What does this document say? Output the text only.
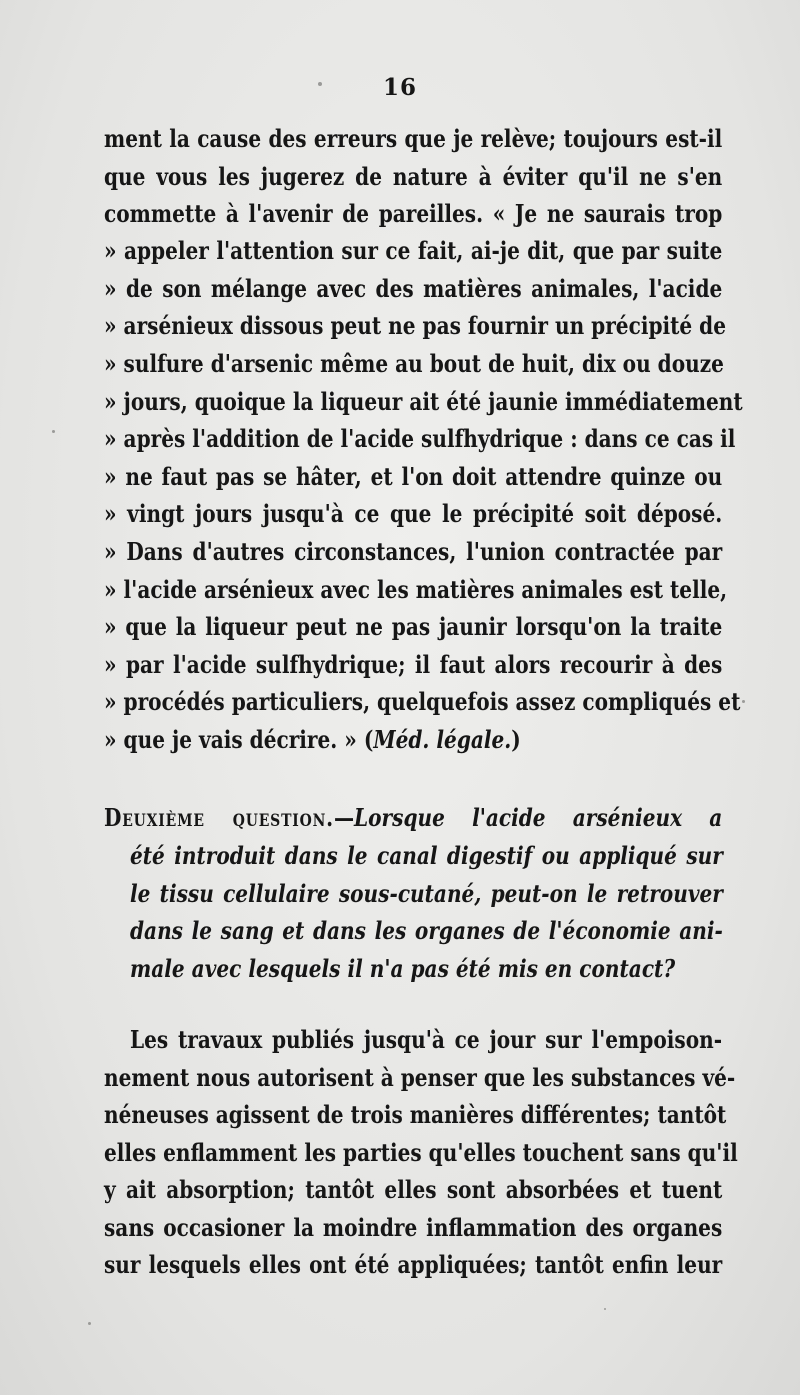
16
ment la cause des erreurs que je relève; toujours est-il
que vous les jugerez de nature à éviter qu'il ne s'en
commette à l'avenir de pareilles. « Je ne saurais trop
» appeler l'attention sur ce fait, ai-je dit, que par suite
» de son mélange avec des matières animales, l'acide
» arsénieux dissous peut ne pas fournir un précipité de
» sulfure d'arsenic même au bout de huit, dix ou douze
» jours, quoique la liqueur ait été jaunie immédiatement
» après l'addition de l'acide sulfhydrique : dans ce cas il
» ne faut pas se hâter, et l'on doit attendre quinze ou
» vingt jours jusqu'à ce que le précipité soit déposé.
» Dans d'autres circonstances, l'union contractée par
» l'acide arsénieux avec les matières animales est telle,
» que la liqueur peut ne pas jaunir lorsqu'on la traite
» par l'acide sulfhydrique; il faut alors recourir à des
» procédés particuliers, quelquefois assez compliqués et
» que je vais décrire. » (Méd. légale.)
Deuxième question.—Lorsque l'acide arsénieux a
été introduit dans le canal digestif ou appliqué sur
le tissu cellulaire sous-cutané, peut-on le retrouver
dans le sang et dans les organes de l'économie ani-
male avec lesquels il n'a pas été mis en contact?
Les travaux publiés jusqu'à ce jour sur l'empoison-
nement nous autorisent à penser que les substances vé-
néneuses agissent de trois manières différentes; tantôt
elles enflamment les parties qu'elles touchent sans qu'il
y ait absorption; tantôt elles sont absorbées et tuent
sans occasioner la moindre inflammation des organes
sur lesquels elles ont été appliquées; tantôt enfin leur
